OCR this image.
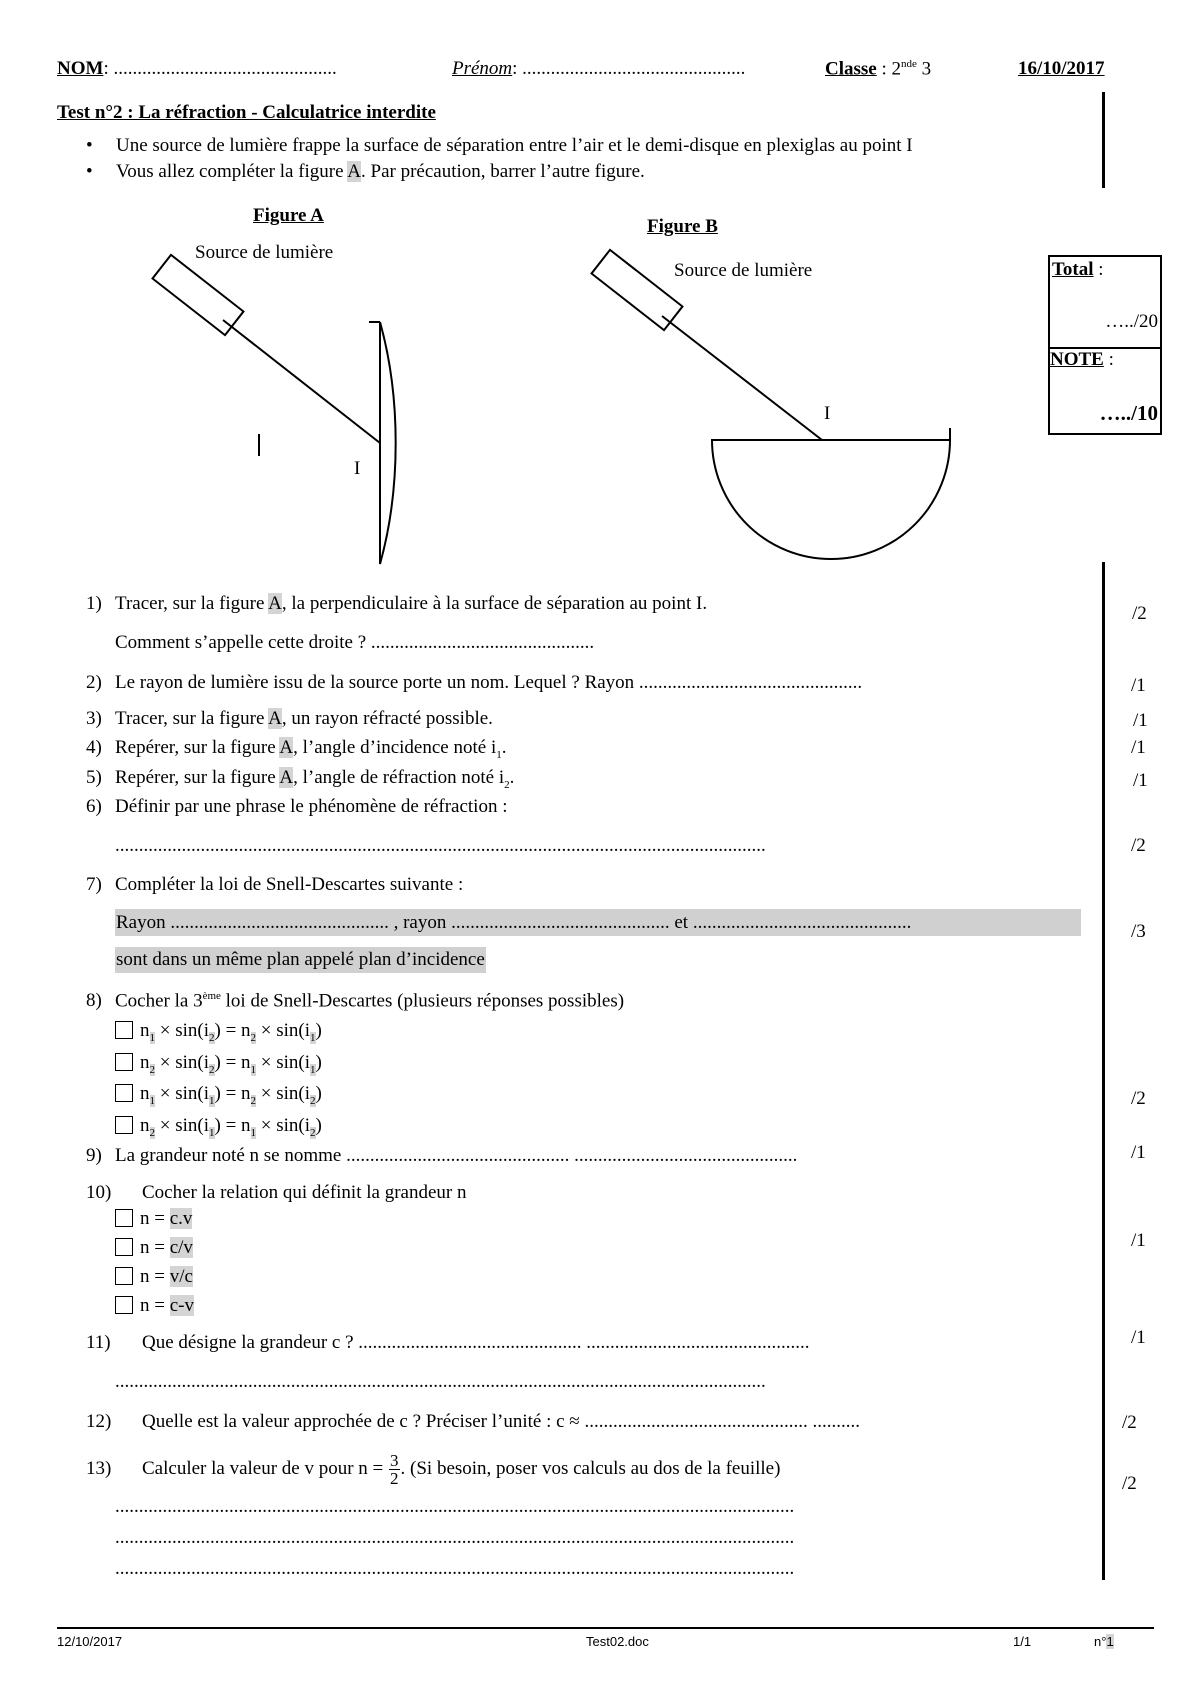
NOM: ...............................................	Prénom: ...............................................	Classe : 2nde 3	16/10/2017
Test n°2 : La réfraction - Calculatrice interdite
• Une source de lumière frappe la surface de séparation entre l’air et le demi-disque en plexiglas au point I
• Vous allez compléter la figure A. Par précaution, barrer l’autre figure.
Figure A
Source de lumière
I
Figure B
Source de lumière
I
Total :
…../20
NOTE :
…../10
1) Tracer, sur la figure A, la perpendiculaire à la surface de séparation au point I.
Comment s’appelle cette droite ? ...............................................
/2
2) Le rayon de lumière issu de la source porte un nom. Lequel ? Rayon ...............................................	/1
3) Tracer, sur la figure A, un rayon réfracté possible.	/1
4) Repérer, sur la figure A, l’angle d’incidence noté $i_1$.	/1
5) Repérer, sur la figure A, l’angle de réfraction noté $i_2$.	/1
6) Définir par une phrase le phénomène de réfraction :
.........................................................................................................................................	/2
7) Compléter la loi de Snell-Descartes suivante :
Rayon .............................................. , rayon .............................................. et ..............................................
sont dans un même plan appelé plan d’incidence
/3
8) Cocher la 3ème loi de Snell-Descartes (plusieurs réponses possibles)
$n_1 \times \sin(i_2) = n_2 \times \sin(i_1)$
$n_2 \times \sin(i_2) = n_1 \times \sin(i_1)$
$n_1 \times \sin(i_1) = n_2 \times \sin(i_2)$
$n_2 \times \sin(i_1) = n_1 \times \sin(i_2)$
/2
9) La grandeur noté n se nomme ............................................... ...............................................	/1
10) Cocher la relation qui définit la grandeur n
n = c.v
n = c/v
n = v/c
n = c-v
/1
11) Que désigne la grandeur c ? ............................................... ...............................................
.........................................................................................................................................
/1
12) Quelle est la valeur approchée de c ? Préciser l’unité : c ≈ ............................................... ..........	/2
13) Calculer la valeur de v pour $n = \frac{3}{2}$ . (Si besoin, poser vos calculs au dos de la feuille)
/2
...............................................................................................................................................
...............................................................................................................................................
...............................................................................................................................................
12/10/2017	Test02.doc	1/1	n°1
